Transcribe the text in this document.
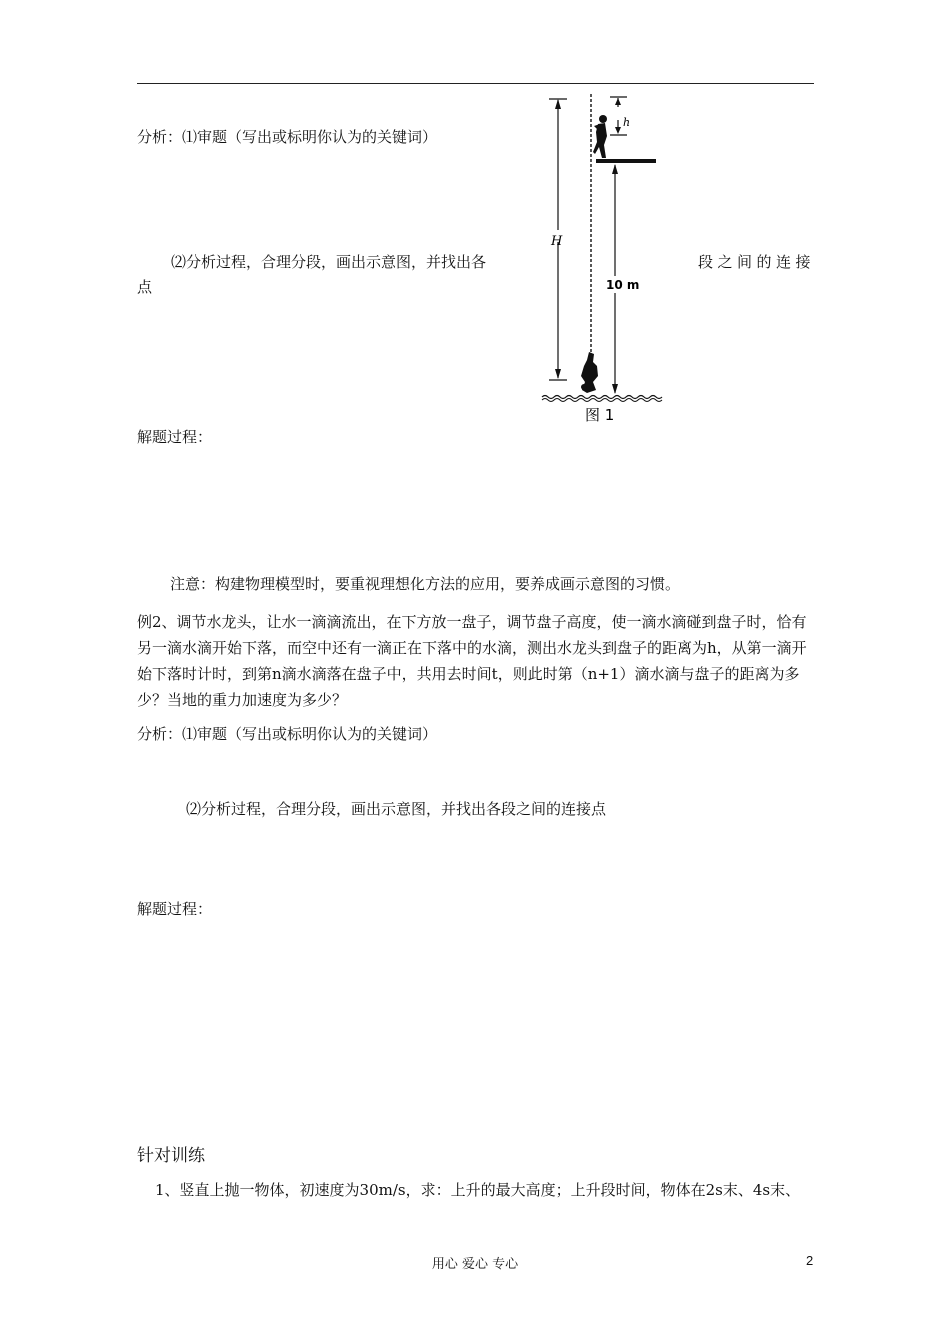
分析：⑴审题（写出或标明你认为的关键词）
⑵分析过程，合理分段，画出示意图，并找出各	段之间的连接
点
H
h
10 m
图 1
解题过程：
注意：构建物理模型时，要重视理想化方法的应用，要养成画示意图的习惯。
例2、调节水龙头，让水一滴滴流出，在下方放一盘子，调节盘子高度，使一滴水滴碰到盘子时，恰有另一滴水滴开始下落，而空中还有一滴正在下落中的水滴，测出水龙头到盘子的距离为h，从第一滴开始下落时计时，到第n滴水滴落在盘子中，共用去时间t，则此时第（n+1）滴水滴与盘子的距离为多少？当地的重力加速度为多少？
分析：⑴审题（写出或标明你认为的关键词）
⑵分析过程，合理分段，画出示意图，并找出各段之间的连接点
解题过程：
针对训练
1、竖直上抛一物体，初速度为30m/s，求：上升的最大高度；上升段时间，物体在2s末、4s末、
用心 爱心 专心	2
